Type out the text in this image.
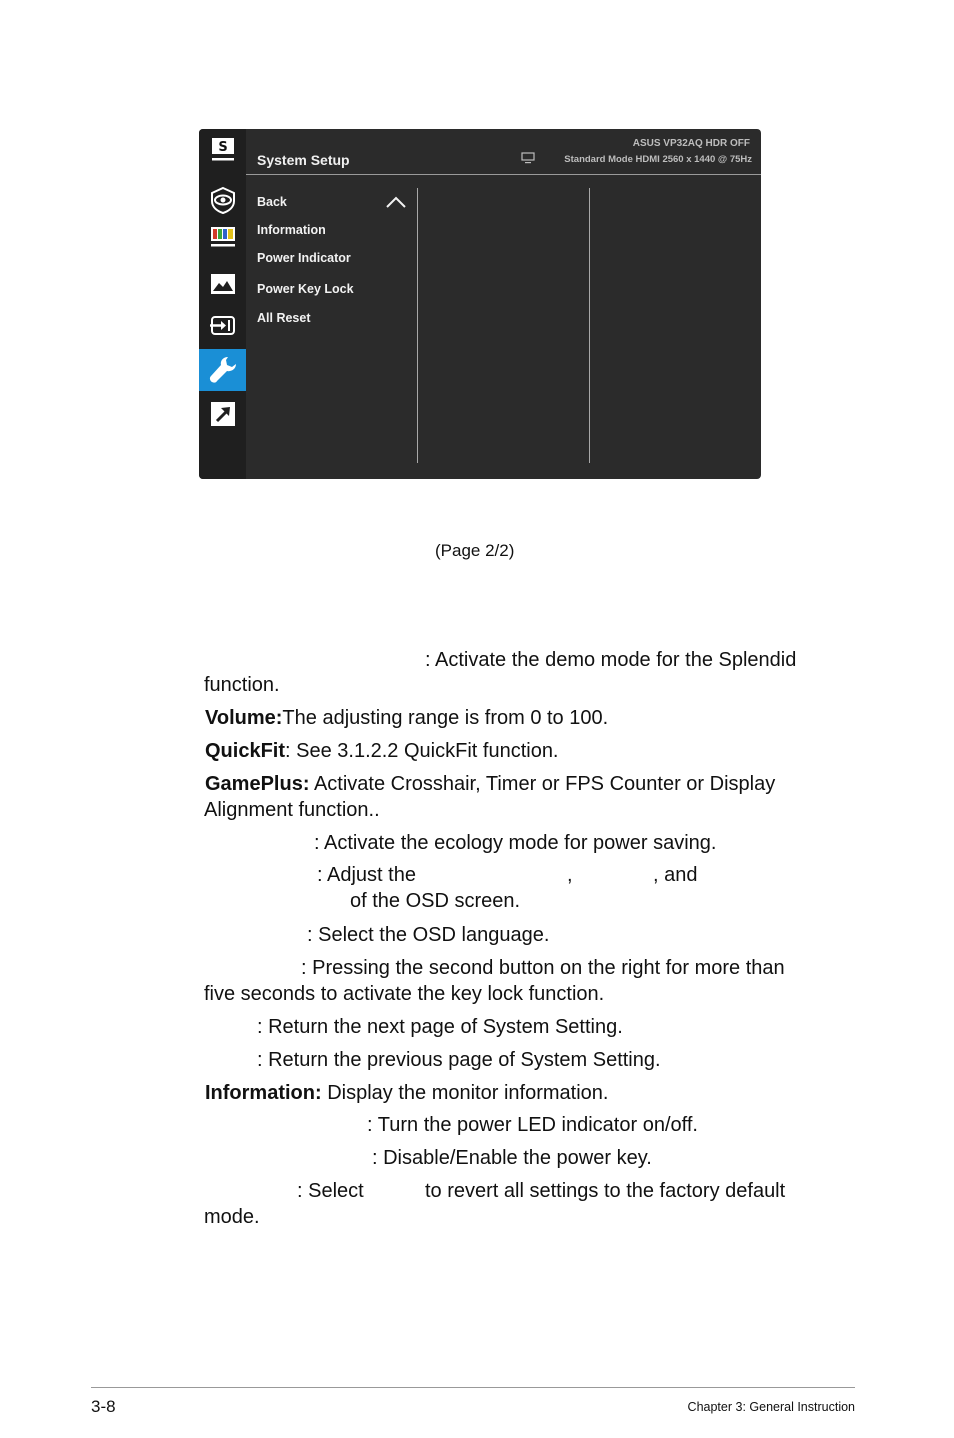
S
System Setup
ASUS VP32AQ HDR OFF
Standard Mode HDMI 2560 x 1440 @ 75Hz
Back
Information
Power Indicator
Power Key Lock
All Reset
(Page 2/2)
: Activate the demo mode for the Splendid
function.
Volume:The adjusting range is from 0 to 100.
QuickFit: See 3.1.2.2 QuickFit function.
GamePlus: Activate Crosshair, Timer or FPS Counter or Display
Alignment function..
: Activate the ecology mode for power saving.
: Adjust the	,	, and
of the OSD screen.
: Select the OSD language.
: Pressing the second button on the right for more than
five seconds to activate the key lock function.
: Return the next page of System Setting.
: Return the previous page of System Setting.
Information: Display the monitor information.
: Turn the power LED indicator on/off.
: Disable/Enable the power key.
: Select	to revert all settings to the factory default
mode.
3-8	Chapter 3: General Instruction
